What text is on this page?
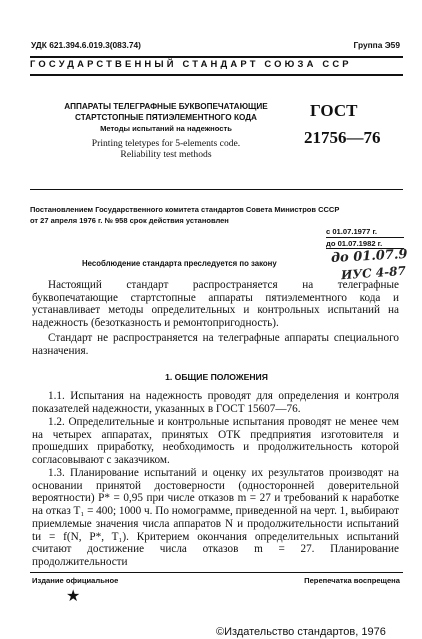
УДК 621.394.6.019.3(083.74)	Группа Э59
ГОСУДАРСТВЕННЫЙ СТАНДАРТ СОЮЗА ССР
АППАРАТЫ ТЕЛЕГРАФНЫЕ БУКВОПЕЧАТАЮЩИЕ
СТАРТСТОПНЫЕ ПЯТИЭЛЕМЕНТНОГО КОДА
Методы испытаний на надежность
Printing teletypes for 5-elements code.
Reliability test methods
ГОСТ
21756—76
Постановлением Государственного комитета стандартов Совета Министров СССР
от 27 апреля 1976 г. № 958 срок действия установлен
с 01.07.1977 г.
до 01.07.1982 г.
Несоблюдение стандарта преследуется по закону	до 01.07.9
ИУС 4-87

Настоящий стандарт распространяется на телеграфные буквопечатающие стартстопные аппараты пятиэлементного кода и устанавливает методы определительных и контрольных испытаний на надежность (безотказность и ремонтопригодность).

Стандарт не распространяется на телеграфные аппараты специального назначения.

1. ОБЩИЕ ПОЛОЖЕНИЯ

1.1. Испытания на надежность проводят для определения и контроля показателей надежности, указанных в ГОСТ 15607—76.

1.2. Определительные и контрольные испытания проводят не менее чем на четырех аппаратах, принятых ОТК предприятия изготовителя и прошедших приработку, необходимость и продолжительность которой согласовывают с заказчиком.

1.3. Планирование испытаний и оценку их результатов производят на основании принятой достоверности (односторонней доверительной вероятности) P* = 0,95 при числе отказов m = 27 и требований к наработке на отказ T₁ = 400; 1000 ч. По номограмме, приведенной на черт. 1, выбирают приемлемые значения числа аппаратов N и продолжительности испытаний tи = f(N, P*, T₁). Критерием окончания определительных испытаний считают достижение числа отказов m = 27. Планирование продолжительности

Издание официальное	Перепечатка воспрещена
★
©Издательство стандартов, 1976
